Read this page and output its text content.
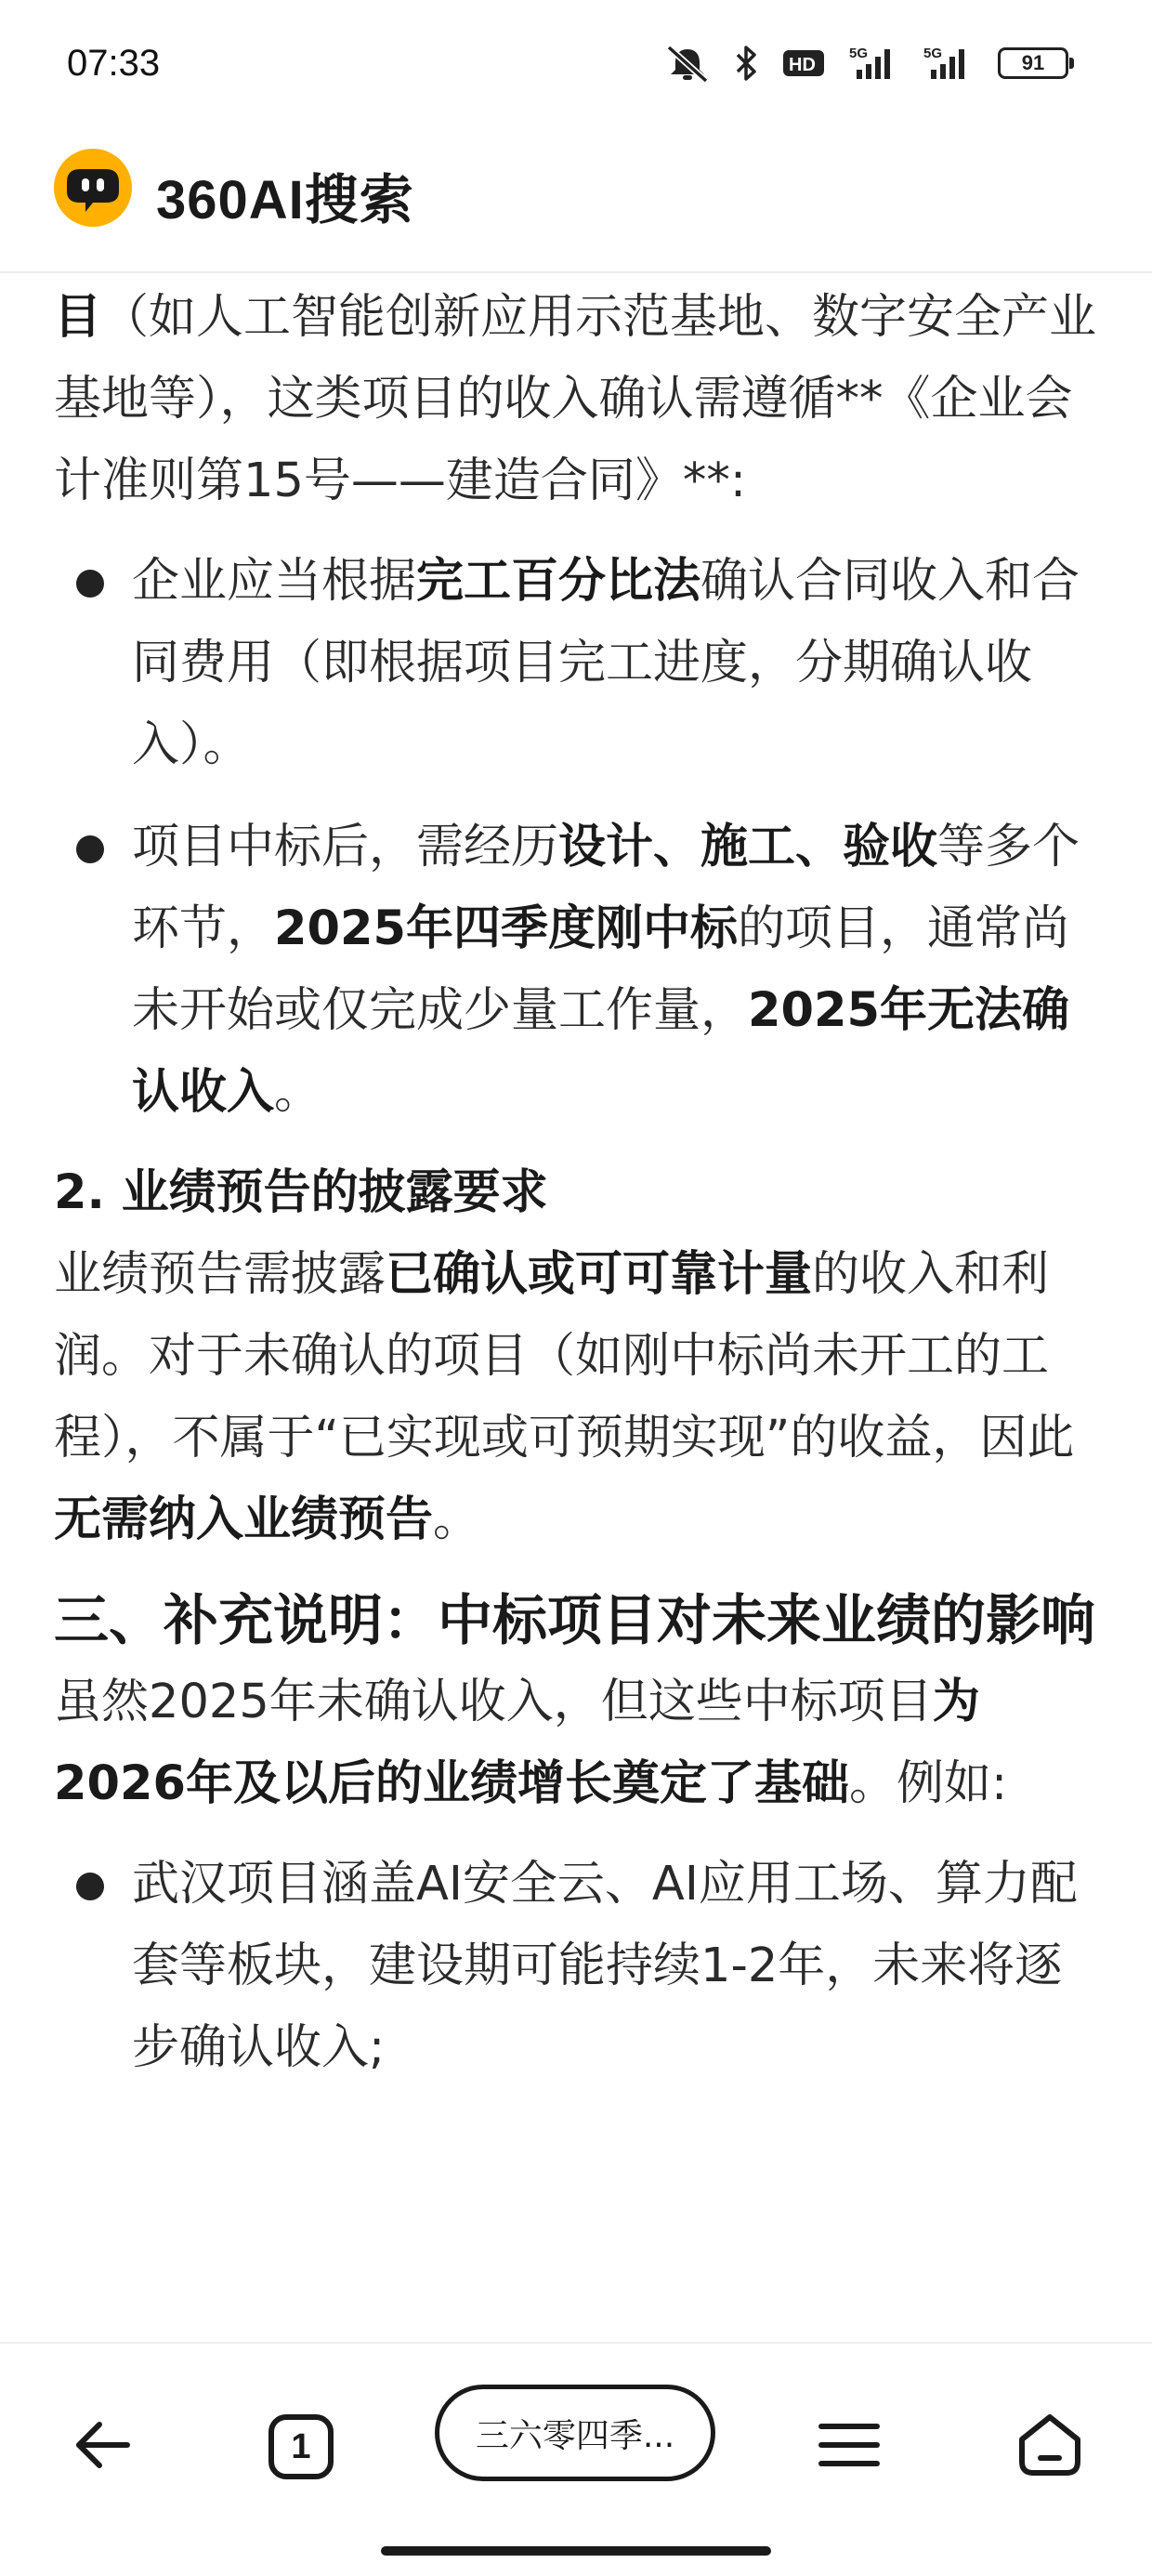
07:33	HD
5G	5G	91
360AI搜索

目（如人工智能创新应用示范基地、数字安全产业基地等），这类项目的收入确认需遵循**《企业会计准则第15号——建造合同》**:

企业应当根据完工百分比法确认合同收入和合同费用（即根据项目完工进度，分期确认收入）。
项目中标后，需经历设计、施工、验收等多个环节，2025年四季度刚中标的项目，通常尚未开始或仅完成少量工作量，2025年无法确认收入。

2. 业绩预告的披露要求

业绩预告需披露已确认或可可靠计量的收入和利润。对于未确认的项目（如刚中标尚未开工的工程），不属于“已实现或可预期实现”的收益，因此无需纳入业绩预告。

三、补充说明：中标项目对未来业绩的影响

虽然2025年未确认收入，但这些中标项目为2026年及以后的业绩增长奠定了基础。例如:

武汉项目涵盖AI安全云、AI应用工场、算力配套等板块，建设期可能持续1-2年，未来将逐步确认收入;
1	三六零四季...
